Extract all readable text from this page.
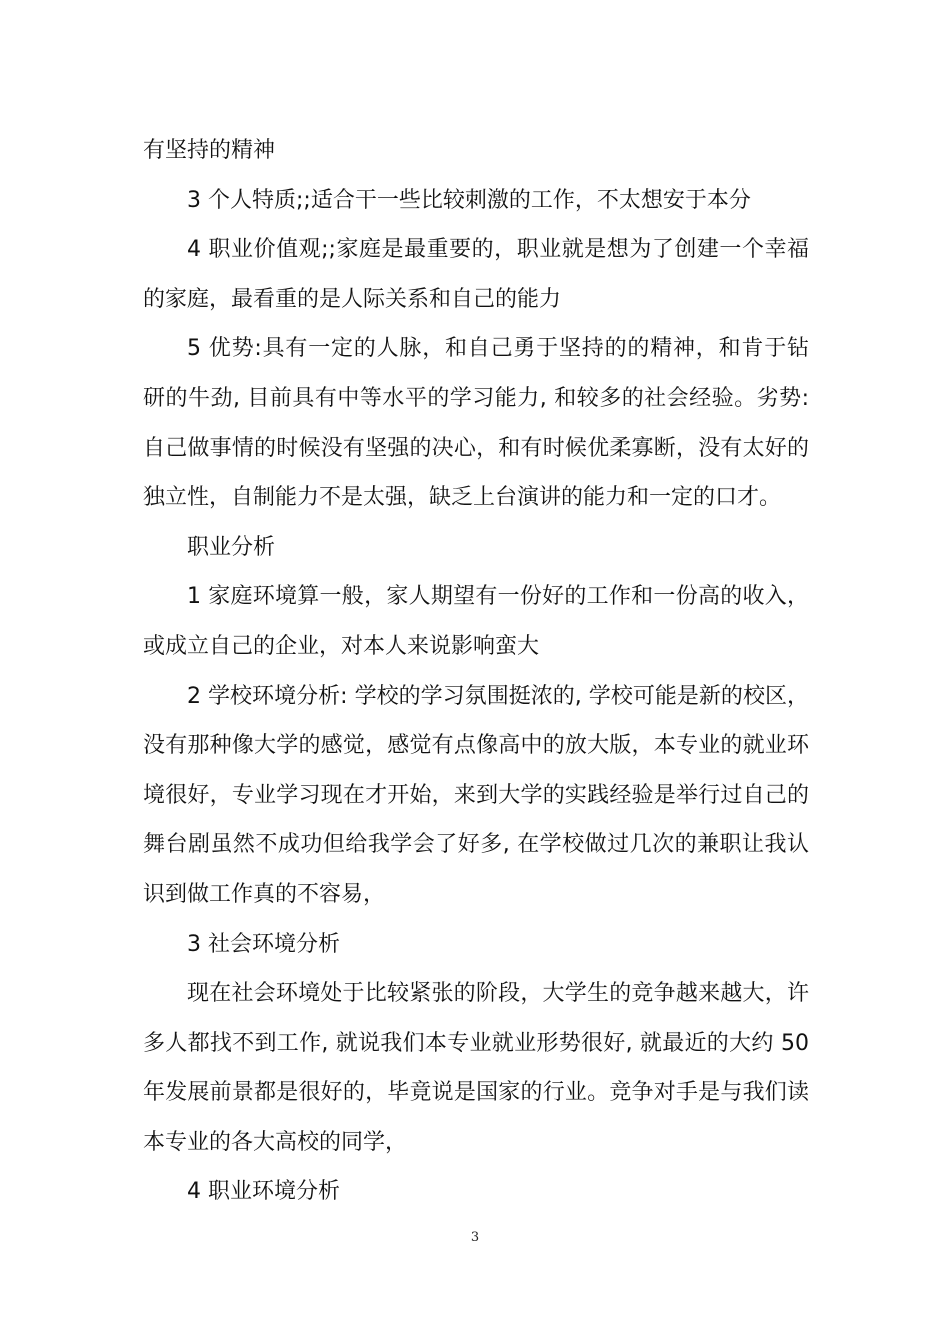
有坚持的精神

3 个人特质;;适合干一些比较刺激的工作，不太想安于本分

4 职业价值观;;家庭是最重要的，职业就是想为了创建一个幸福的家庭，最看重的是人际关系和自己的能力

5 优势:具有一定的人脉，和自己勇于坚持的的精神，和肯于钻研的牛劲, 目前具有中等水平的学习能力, 和较多的社会经验。劣势: 自己做事情的时候没有坚强的决心，和有时候优柔寡断，没有太好的独立性，自制能力不是太强，缺乏上台演讲的能力和一定的口才。

职业分析

1 家庭环境算一般，家人期望有一份好的工作和一份高的收入，或成立自己的企业，对本人来说影响蛮大

2 学校环境分析: 学校的学习氛围挺浓的, 学校可能是新的校区，没有那种像大学的感觉，感觉有点像高中的放大版，本专业的就业环境很好，专业学习现在才开始，来到大学的实践经验是举行过自己的舞台剧虽然不成功但给我学会了好多, 在学校做过几次的兼职让我认识到做工作真的不容易，

3 社会环境分析

现在社会环境处于比较紧张的阶段，大学生的竞争越来越大，许多人都找不到工作, 就说我们本专业就业形势很好, 就最近的大约 50 年发展前景都是很好的，毕竟说是国家的行业。竞争对手是与我们读本专业的各大高校的同学，

4 职业环境分析

3
